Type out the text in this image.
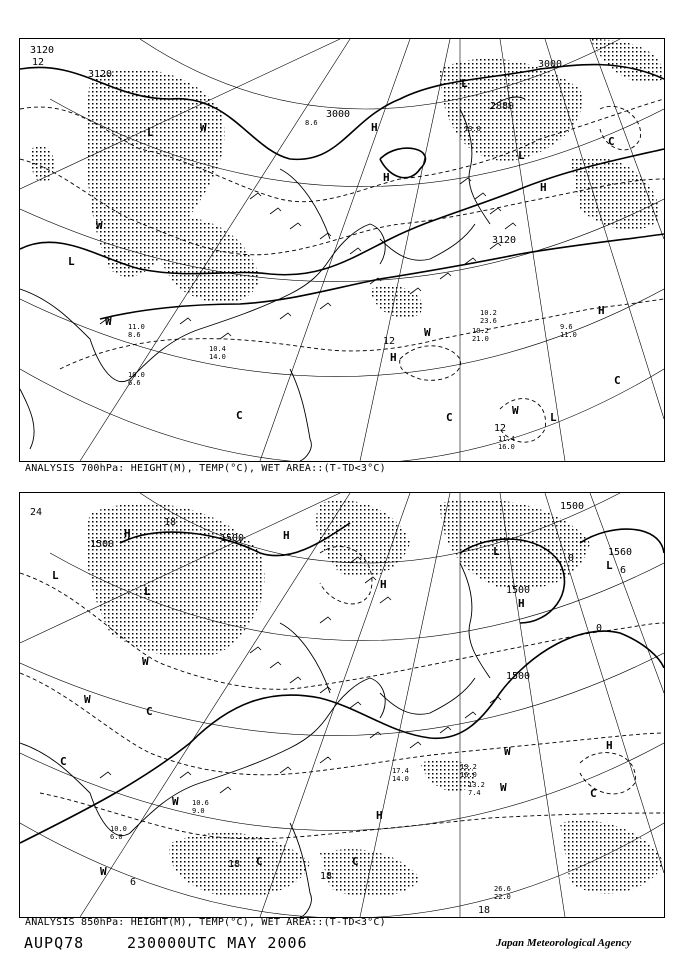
H
L
W
L
W
W
H
C	C
W
L
C
H
H
L
C
H
L
W
3120
12
3120
3000
3000
2880
3120
12
12
10.2
23.6
10.2
21.0
9.6
11.0
11.4
16.0
11.0
8.6
10.4
14.0
10.0
6.6
8.6
13.0
ANALYSIS 700hPa: HEIGHT(M), TEMP(°C), WET AREA::(T-TD<3°C)
H
H
L
L
W
W
C
W
W
H
H
C	C
W
L
L
H
C
W
C
H
24
18
1500
1500
1500
1500
1500
1560
0
0
18
18
18
6
6
13.2
16.0
13.2
7.4
10.6
9.0
26.6
22.0
17.4
14.0
10.0
6.0
ANALYSIS 850hPa: HEIGHT(M), TEMP(°C), WET AREA::(T-TD<3°C)
AUPQ78	230000UTC MAY 2006	Japan Meteorological Agency
